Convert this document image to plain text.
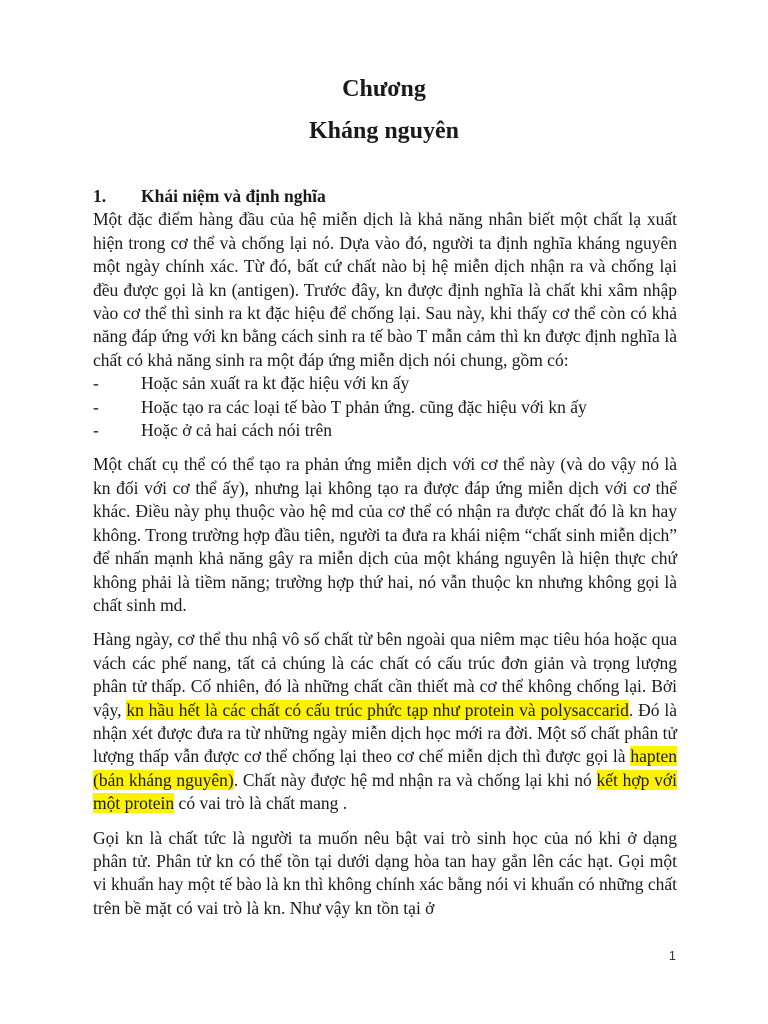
Chương
Kháng nguyên
1.	Khái niệm và định nghĩa

Một đặc điểm hàng đầu của hệ miễn dịch là khả năng nhân biết một chất lạ xuất hiện trong cơ thể và chống lại nó. Dựa vào đó, người ta định nghĩa kháng nguyên một ngày chính xác. Từ đó, bất cứ chất nào bị hệ miễn dịch nhận ra và chống lại đều được gọi là kn (antigen). Trước đây, kn được định nghĩa là chất khi xâm nhập vào cơ thể thì sinh ra kt đặc hiệu để chống lại. Sau này, khi thấy cơ thể còn có khả năng đáp ứng với kn bằng cách sinh ra tế bào T mẫn cảm thì kn được định nghĩa là chất có khả năng sinh ra một đáp ứng miễn dịch nói chung, gồm có:

-	Hoặc sản xuất ra kt đặc hiệu với kn ấy
-	Hoặc tạo ra các loại tế bào T phản ứng. cũng đặc hiệu với kn ấy
-	Hoặc ở cả hai cách nói trên

Một chất cụ thể có thể tạo ra phản ứng miễn dịch với cơ thể này (và do vậy nó là kn đối với cơ thể ấy), nhưng lại không tạo ra được đáp ứng miễn dịch với cơ thể khác. Điều này phụ thuộc vào hệ md của cơ thể có nhận ra được chất đó là kn hay không. Trong trường hợp đầu tiên, người ta đưa ra khái niệm “chất sinh miễn dịch” để nhấn mạnh khả năng gây ra miễn dịch của một kháng nguyên là hiện thực chứ không phải là tiềm năng; trường hợp thứ hai, nó vẫn thuộc kn nhưng không gọi là chất sinh md.

Hàng ngày, cơ thể thu nhậ vô số chất từ bên ngoài qua niêm mạc tiêu hóa hoặc qua vách các phế nang, tất cả chúng là các chất có cấu trúc đơn giản và trọng lượng phân tử thấp. Cố nhiên, đó là những chất cần thiết mà cơ thể không chống lại. Bởi vậy, kn hầu hết là các chất có cấu trúc phức tạp như protein và polysaccarid. Đó là nhận xét được đưa ra từ những ngày miễn dịch học mới ra đời. Một số chất phân tử lượng thấp vẫn được cơ thể chống lại theo cơ chế miễn dịch thì được gọi là hapten (bán kháng nguyên). Chất này được hệ md nhận ra và chống lại khi nó kết hợp với một protein có vai trò là chất mang .

Gọi kn là chất tức là người ta muốn nêu bật vai trò sinh học của nó khi ở dạng phân tử. Phân tử kn có thể tồn tại dưới dạng hòa tan hay gắn lên các hạt. Gọi một vi khuẩn hay một tế bào là kn thì không chính xác bằng nói vi khuẩn có những chất trên bề mặt có vai trò là kn. Như vậy kn tồn tại ở

1
